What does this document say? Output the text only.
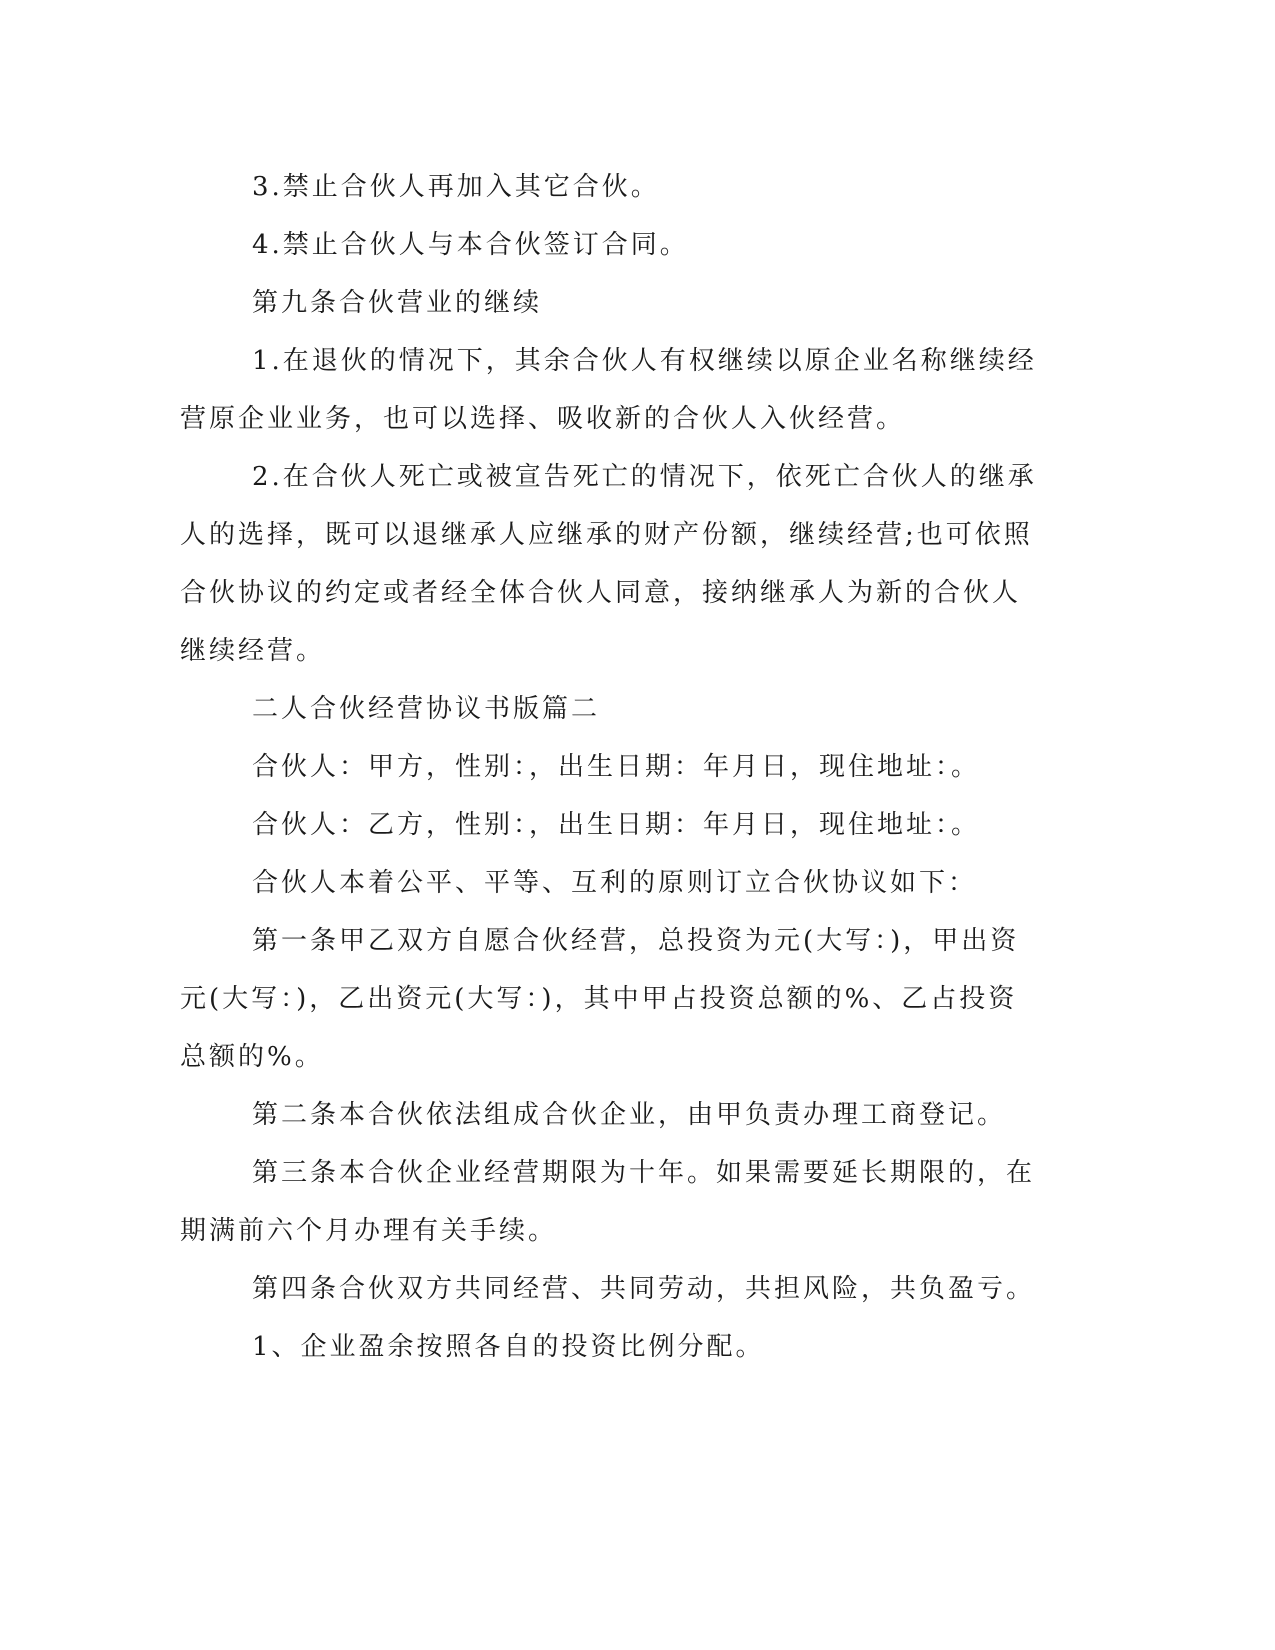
3.禁止合伙人再加入其它合伙。

4.禁止合伙人与本合伙签订合同。

第九条合伙营业的继续

1.在退伙的情况下，其余合伙人有权继续以原企业名称继续经营原企业业务，也可以选择、吸收新的合伙人入伙经营。

2.在合伙人死亡或被宣告死亡的情况下，依死亡合伙人的继承人的选择，既可以退继承人应继承的财产份额，继续经营;也可依照合伙协议的约定或者经全体合伙人同意，接纳继承人为新的合伙人继续经营。

二人合伙经营协议书版篇二

合伙人：甲方，性别：，出生日期：年月日，现住地址：。

合伙人：乙方，性别：，出生日期：年月日，现住地址：。

合伙人本着公平、平等、互利的原则订立合伙协议如下：

第一条甲乙双方自愿合伙经营，总投资为元(大写：)，甲出资元(大写：)，乙出资元(大写：)，其中甲占投资总额的%、乙占投资总额的%。

第二条本合伙依法组成合伙企业，由甲负责办理工商登记。

第三条本合伙企业经营期限为十年。如果需要延长期限的，在期满前六个月办理有关手续。

第四条合伙双方共同经营、共同劳动，共担风险，共负盈亏。

1、企业盈余按照各自的投资比例分配。
